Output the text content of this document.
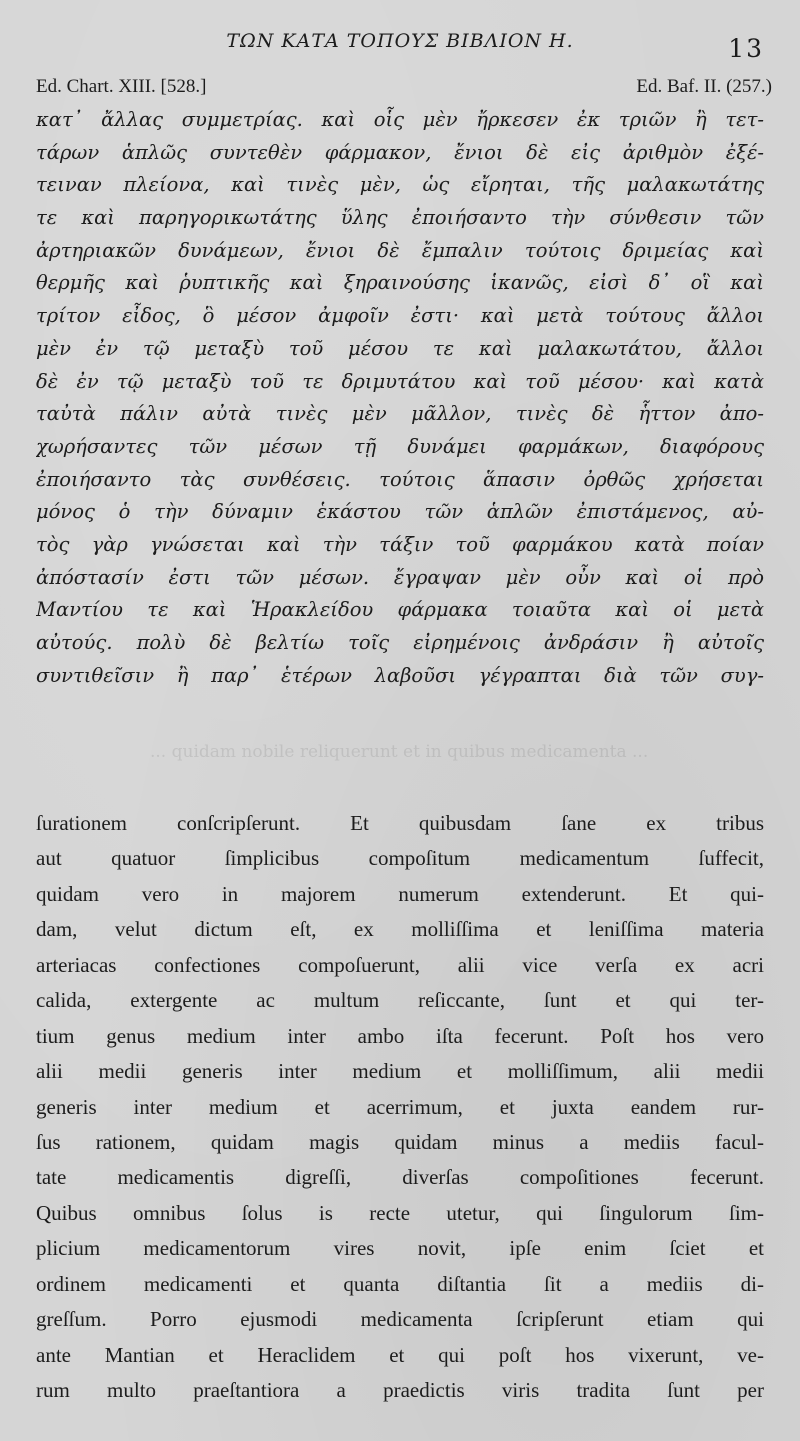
ΤΩΝ ΚΑΤΑ ΤΟΠΟΥΣ ΒΙΒΛΙΟΝ Η.	13
Ed. Chart. XIII. [528.]	Ed. Baf. II. (257.)
κατ᾽ ἄλλας συμμετρίας. καὶ οἷς μὲν ἤρκεσεν ἐκ τριῶν ἢ τετ-
τάρων ἁπλῶς συντεθὲν φάρμακον, ἔνιοι δὲ εἰς ἀριθμὸν ἐξέ-
τειναν πλείονα, καὶ τινὲς μὲν, ὡς εἴρηται, τῆς μαλακωτάτης
τε καὶ παρηγορικωτάτης ὕλης ἐποιήσαντο τὴν σύνθεσιν τῶν
ἀρτηριακῶν δυνάμεων, ἔνιοι δὲ ἔμπαλιν τούτοις δριμείας καὶ
θερμῆς καὶ ῥυπτικῆς καὶ ξηραινούσης ἱκανῶς, εἰσὶ δ᾽ οἳ καὶ
τρίτον εἶδος, ὃ μέσον ἀμφοῖν ἐστι· καὶ μετὰ τούτους ἄλλοι
μὲν ἐν τῷ μεταξὺ τοῦ μέσου τε καὶ μαλακωτάτου, ἄλλοι
δὲ ἐν τῷ μεταξὺ τοῦ τε δριμυτάτου καὶ τοῦ μέσου· καὶ κατὰ
ταὐτὰ πάλιν αὐτὰ τινὲς μὲν μᾶλλον, τινὲς δὲ ἧττον ἀπο-
χωρήσαντες τῶν μέσων τῇ δυνάμει φαρμάκων, διαφόρους
ἐποιήσαντο τὰς συνθέσεις. τούτοις ἅπασιν ὀρθῶς χρήσεται
μόνος ὁ τὴν δύναμιν ἑκάστου τῶν ἁπλῶν ἐπιστάμενος, αὐ-
τὸς γὰρ γνώσεται καὶ τὴν τάξιν τοῦ φαρμάκου κατὰ ποίαν
ἀπόστασίν ἐστι τῶν μέσων. ἔγραψαν μὲν οὖν καὶ οἱ πρὸ
Μαντίου τε καὶ Ἡρακλείδου φάρμακα τοιαῦτα καὶ οἱ μετὰ
αὐτούς. πολὺ δὲ βελτίω τοῖς εἰρημένοις ἀνδράσιν ἢ αὐτοῖς
συντιθεῖσιν ἢ παρ᾽ ἑτέρων λαβοῦσι γέγραπται διὰ τῶν συγ-
... quidam nobile reliquerunt et in quibus medicamenta ...
ſurationem conſcripſerunt. Et quibusdam ſane ex tribus
aut quatuor ſimplicibus compoſitum medicamentum ſuffecit,
quidam vero in majorem numerum extenderunt. Et qui-
dam, velut dictum eſt, ex molliſſima et leniſſima materia
arteriacas confectiones compoſuerunt, alii vice verſa ex acri
calida, extergente ac multum reſiccante, ſunt et qui ter-
tium genus medium inter ambo iſta fecerunt. Poſt hos vero
alii medii generis inter medium et molliſſimum, alii medii
generis inter medium et acerrimum, et juxta eandem rur-
ſus rationem, quidam magis quidam minus a mediis facul-
tate medicamentis digreſſi, diverſas compoſitiones fecerunt.
Quibus omnibus ſolus is recte utetur, qui ſingulorum ſim-
plicium medicamentorum vires novit, ipſe enim ſciet et
ordinem medicamenti et quanta diſtantia ſit a mediis di-
greſſum. Porro ejusmodi medicamenta ſcripſerunt etiam qui
ante Mantian et Heraclidem et qui poſt hos vixerunt, ve-
rum multo praeſtantiora a praedictis viris tradita ſunt per
